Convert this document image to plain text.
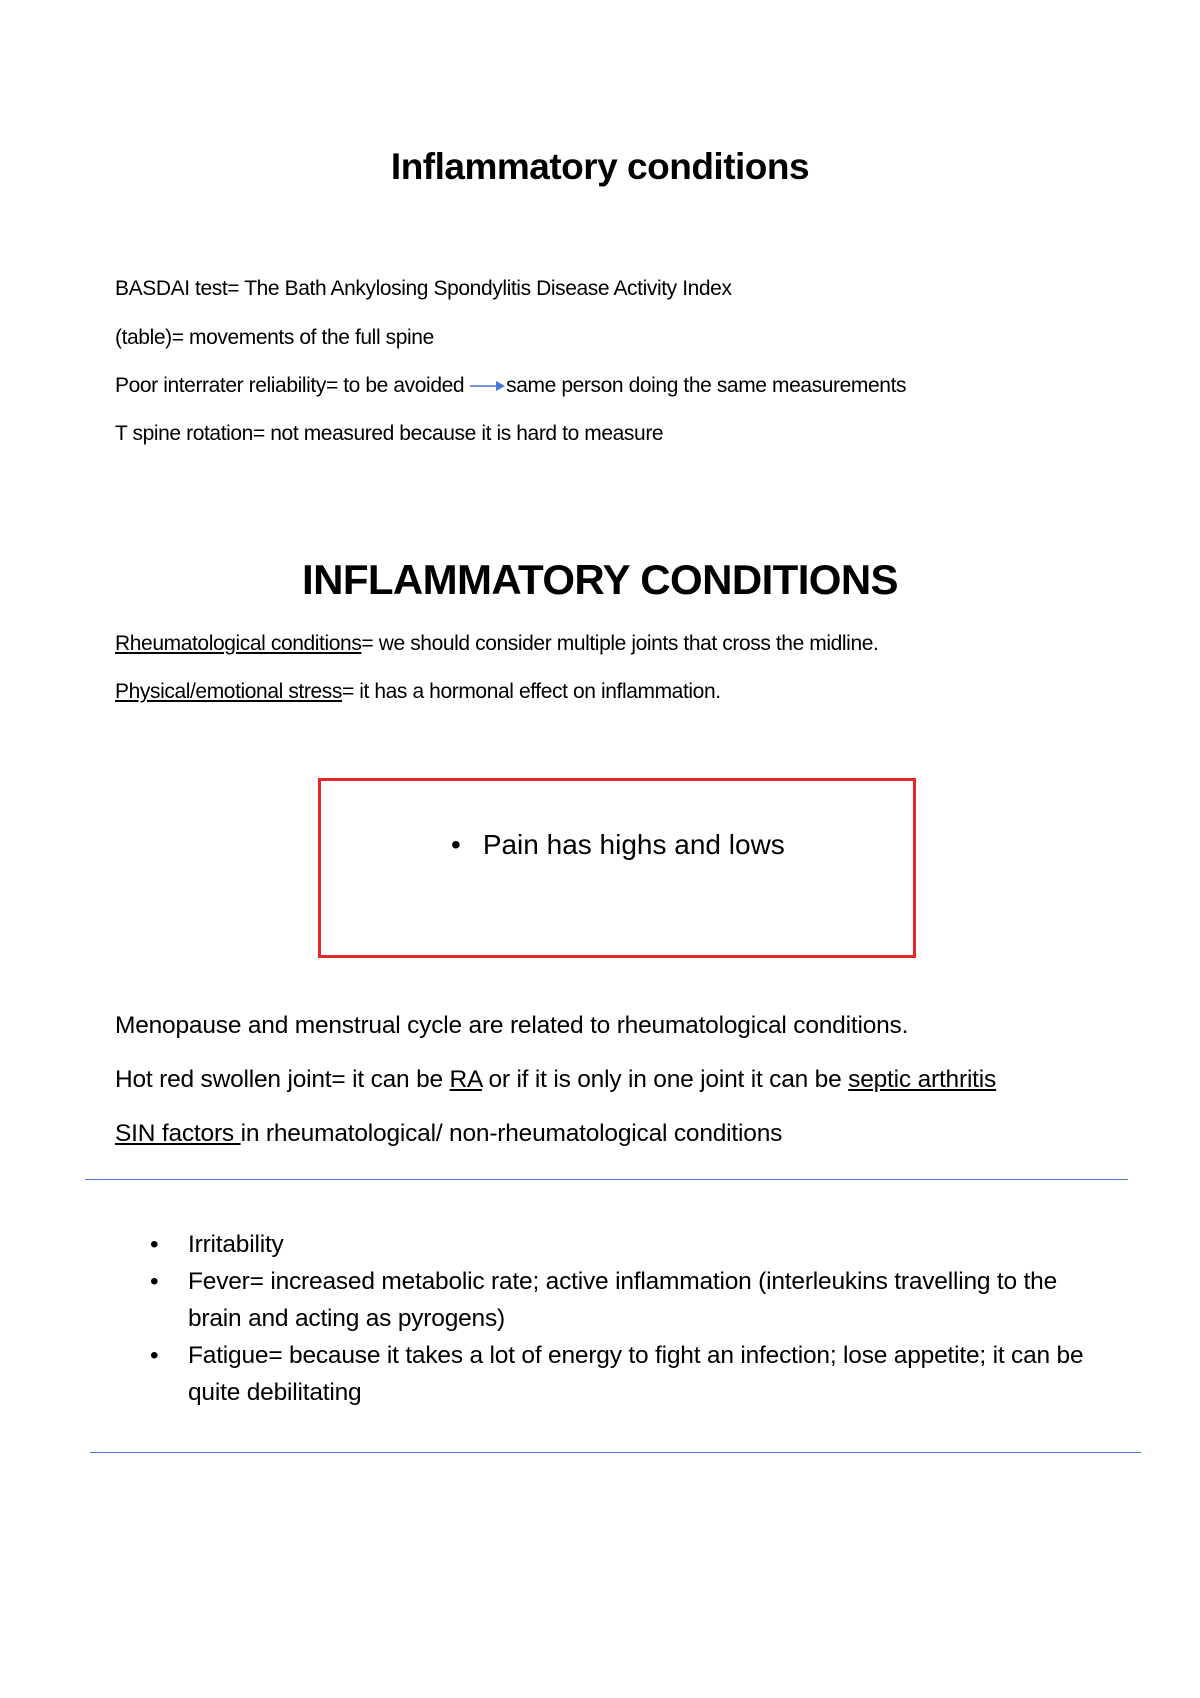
Inflammatory conditions
BASDAI test= The Bath Ankylosing Spondylitis Disease Activity Index
(table)= movements of the full spine
Poor interrater reliability= to be avoided same person doing the same measurements
T spine rotation= not measured because it is hard to measure
INFLAMMATORY CONDITIONS
Rheumatological conditions= we should consider multiple joints that cross the midline.
Physical/emotional stress= it has a hormonal effect on inflammation.
• Pain has highs and lows
Menopause and menstrual cycle are related to rheumatological conditions.
Hot red swollen joint= it can be RA or if it is only in one joint it can be septic arthritis
SIN factors in rheumatological/ non-rheumatological conditions
• Irritability
• Fever= increased metabolic rate; active inflammation (interleukins travelling to the brain and acting as pyrogens)
• Fatigue= because it takes a lot of energy to fight an infection; lose appetite; it can be quite debilitating
